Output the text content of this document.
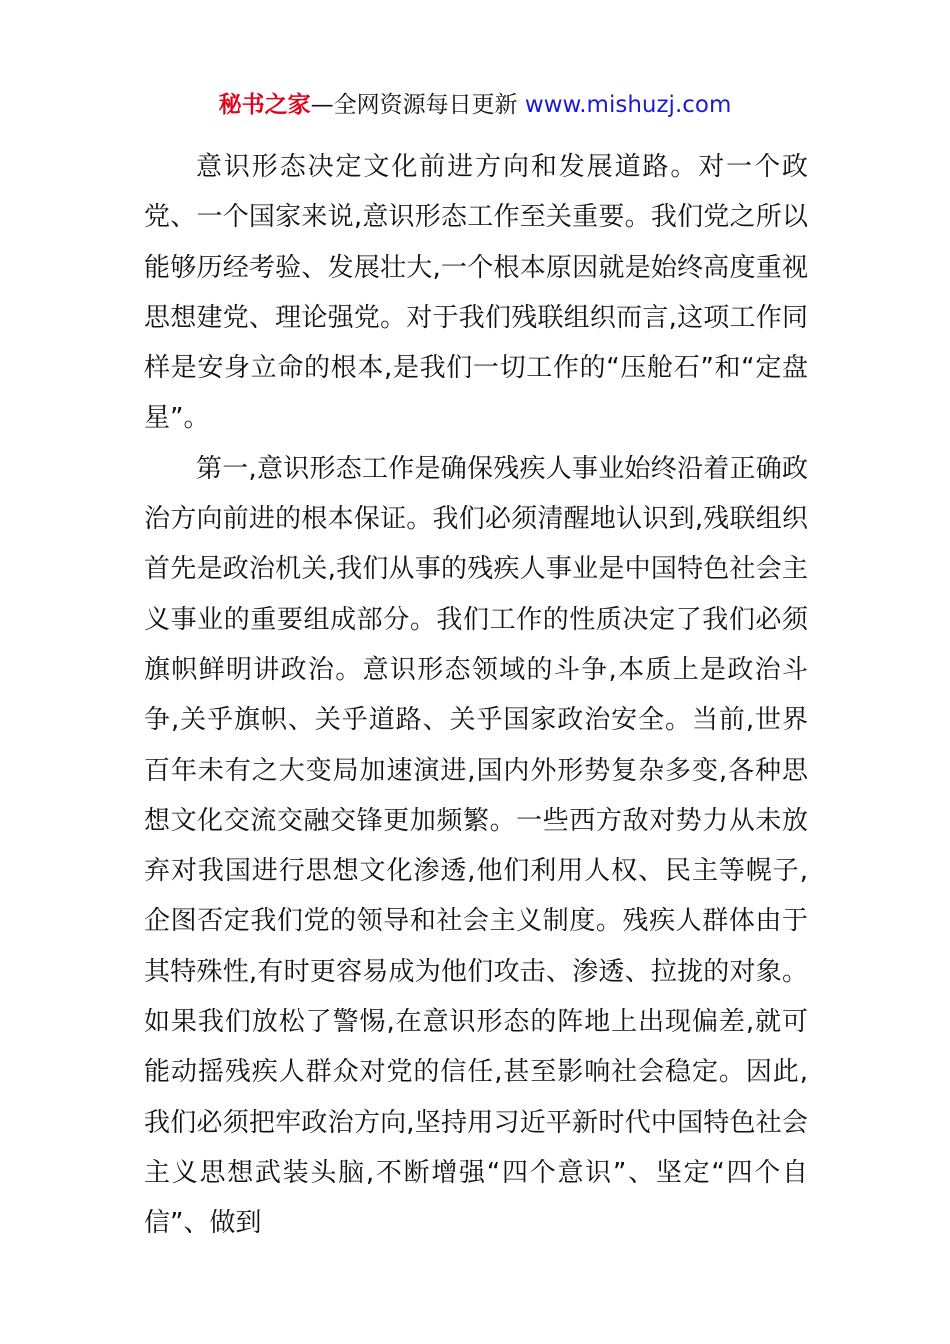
秘书之家—全网资源每日更新 www.mishuzj.com

意识形态决定文化前进方向和发展道路。对一个政党、一个国家来说,意识形态工作至关重要。我们党之所以能够历经考验、发展壮大,一个根本原因就是始终高度重视思想建党、理论强党。对于我们残联组织而言,这项工作同样是安身立命的根本,是我们一切工作的“压舱石”和“定盘星”。

第一,意识形态工作是确保残疾人事业始终沿着正确政治方向前进的根本保证。我们必须清醒地认识到,残联组织首先是政治机关,我们从事的残疾人事业是中国特色社会主义事业的重要组成部分。我们工作的性质决定了我们必须旗帜鲜明讲政治。意识形态领域的斗争,本质上是政治斗争,关乎旗帜、关乎道路、关乎国家政治安全。当前,世界百年未有之大变局加速演进,国内外形势复杂多变,各种思想文化交流交融交锋更加频繁。一些西方敌对势力从未放弃对我国进行思想文化渗透,他们利用人权、民主等幌子,企图否定我们党的领导和社会主义制度。残疾人群体由于其特殊性,有时更容易成为他们攻击、渗透、拉拢的对象。如果我们放松了警惕,在意识形态的阵地上出现偏差,就可能动摇残疾人群众对党的信任,甚至影响社会稳定。因此,我们必须把牢政治方向,坚持用习近平新时代中国特色社会主义思想武装头脑,不断增强“四个意识”、坚定“四个自信”、做到
